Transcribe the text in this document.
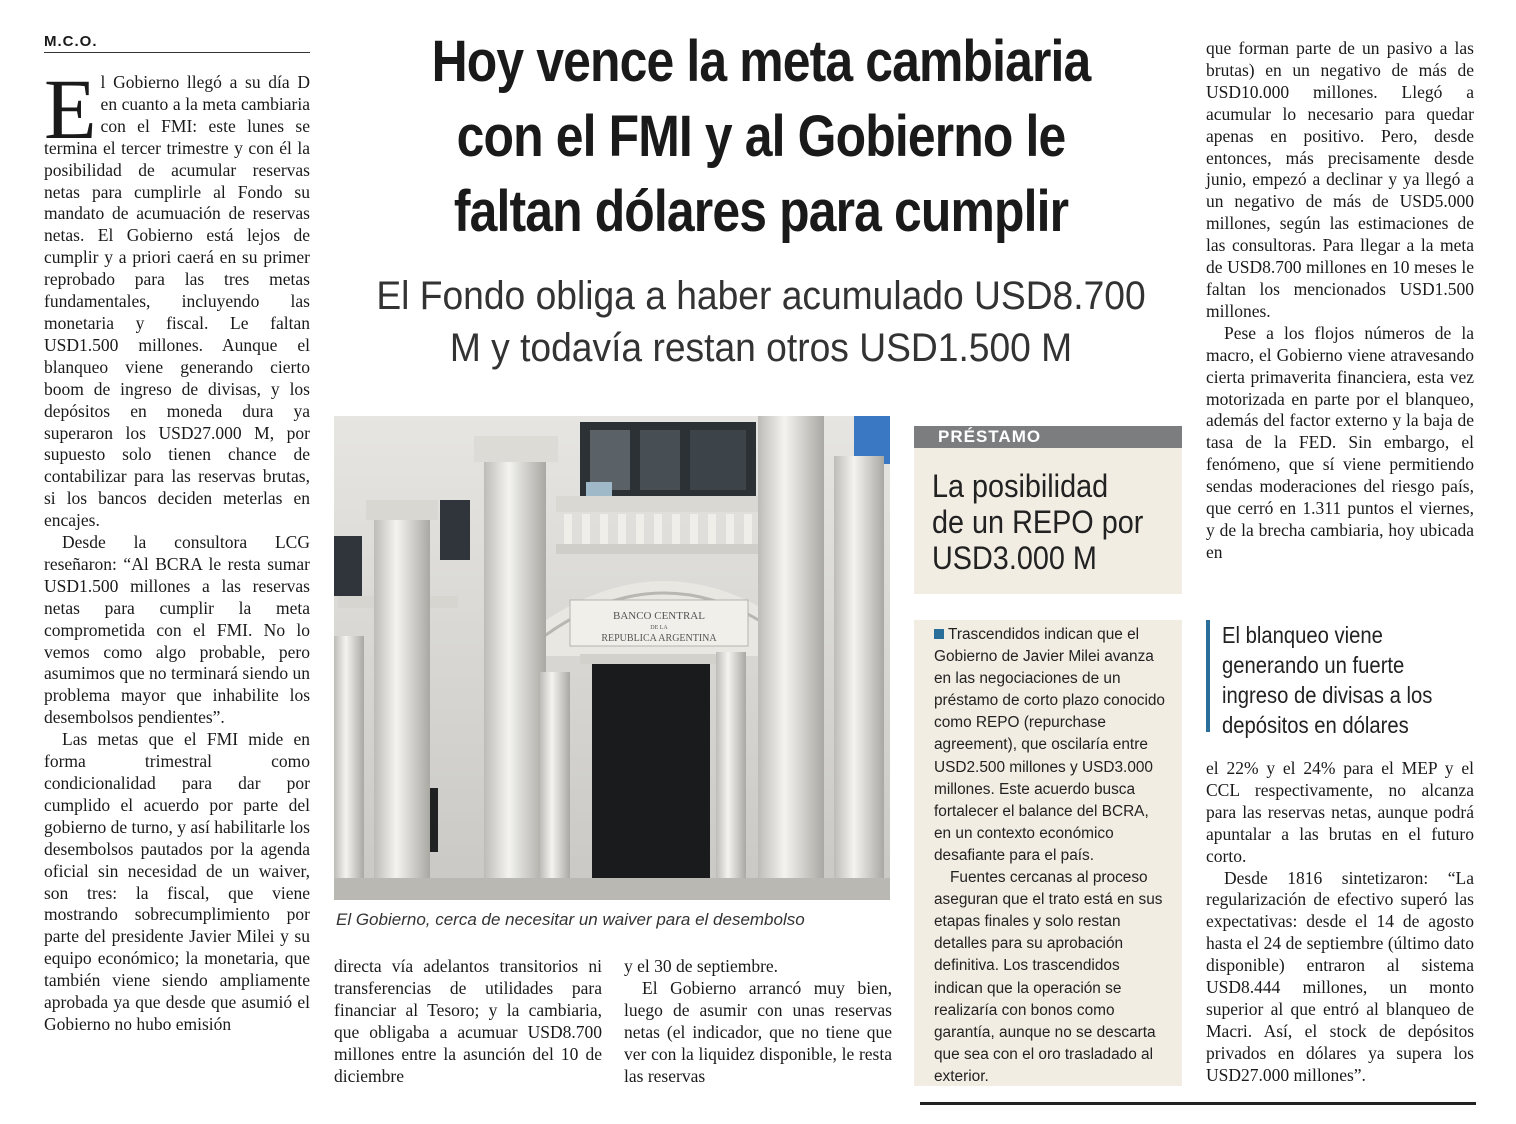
M.C.O.

El Gobierno llegó a su día D en cuanto a la meta cambiaria con el FMI: este lunes se termina el tercer trimestre y con él la posibilidad de acumular reservas netas para cumplirle al Fondo su mandato de acumuación de reservas netas. El Gobierno está lejos de cumplir y a priori caerá en su primer reprobado para las tres metas fundamentales, incluyendo las monetaria y fiscal. Le faltan USD1.500 millones. Aunque el blanqueo viene generando cierto boom de ingreso de divisas, y los depósitos en moneda dura ya superaron los USD27.000 M, por supuesto solo tienen chance de contabilizar para las reservas brutas, si los bancos deciden meterlas en encajes.

Desde la consultora LCG reseñaron: “Al BCRA le resta sumar USD1.500 millones a las reservas netas para cumplir la meta comprometida con el FMI. No lo vemos como algo probable, pero asumimos que no terminará siendo un problema mayor que inhabilite los desembolsos pendientes”.

Las metas que el FMI mide en forma trimestral como condicionalidad para dar por cumplido el acuerdo por parte del gobierno de turno, y así habilitarle los desembolsos pautados por la agenda oficial sin necesidad de un waiver, son tres: la fiscal, que viene mostrando sobrecumplimiento por parte del presidente Javier Milei y su equipo económico; la monetaria, que también viene siendo ampliamente aprobada ya que desde que asumió el Gobierno no hubo emisión

Hoy vence la meta cambiaria
con el FMI y al Gobierno le
faltan dólares para cumplir
El Fondo obliga a haber acumulado USD8.700
M y todavía restan otros USD1.500 M
BANCO CENTRAL
DE LA
REPUBLICA ARGENTINA
El Gobierno, cerca de necesitar un waiver para el desembolso

directa vía adelantos transitorios ni transferencias de utilidades para financiar al Tesoro; y la cambiaria, que obligaba a acumuar USD8.700 millones entre la asunción del 10 de diciembre

y el 30 de septiembre.

El Gobierno arrancó muy bien, luego de asumir con unas reservas netas (el indicador, que no tiene que ver con la liquidez disponible, le resta las reservas

PRÉSTAMO
La posibilidad de un REPO por USD3.000 M

Trascendidos indican que el Gobierno de Javier Milei avanza en las negociaciones de un préstamo de corto plazo conocido como REPO (repurchase agreement), que oscilaría entre USD2.500 millones y USD3.000 millones. Este acuerdo busca fortalecer el balance del BCRA, en un contexto económico desafiante para el país.

Fuentes cercanas al proceso aseguran que el trato está en sus etapas finales y solo restan detalles para su aprobación definitiva. Los trascendidos indican que la operación se realizaría con bonos como garantía, aunque no se descarta que sea con el oro trasladado al exterior.

que forman parte de un pasivo a las brutas) en un negativo de más de USD10.000 millones. Llegó a acumular lo necesario para quedar apenas en positivo. Pero, desde entonces, más precisamente desde junio, empezó a declinar y ya llegó a un negativo de más de USD5.000 millones, según las estimaciones de las consultoras. Para llegar a la meta de USD8.700 millones en 10 meses le faltan los mencionados USD1.500 millones.

Pese a los flojos números de la macro, el Gobierno viene atravesando cierta primaverita financiera, esta vez motorizada en parte por el blanqueo, además del factor externo y la baja de tasa de la FED. Sin embargo, el fenómeno, que sí viene permitiendo sendas moderaciones del riesgo país, que cerró en 1.311 puntos el viernes, y de la brecha cambiaria, hoy ubicada en

El blanqueo viene generando un fuerte ingreso de divisas a los depósitos en dólares

el 22% y el 24% para el MEP y el CCL respectivamente, no alcanza para las reservas netas, aunque podrá apuntalar a las brutas en el futuro corto.

Desde 1816 sintetizaron: “La regularización de efectivo superó las expectativas: desde el 14 de agosto hasta el 24 de septiembre (último dato disponible) entraron al sistema USD8.444 millones, un monto superior al que entró al blanqueo de Macri. Así, el stock de depósitos privados en dólares ya supera los USD27.000 millones”.
